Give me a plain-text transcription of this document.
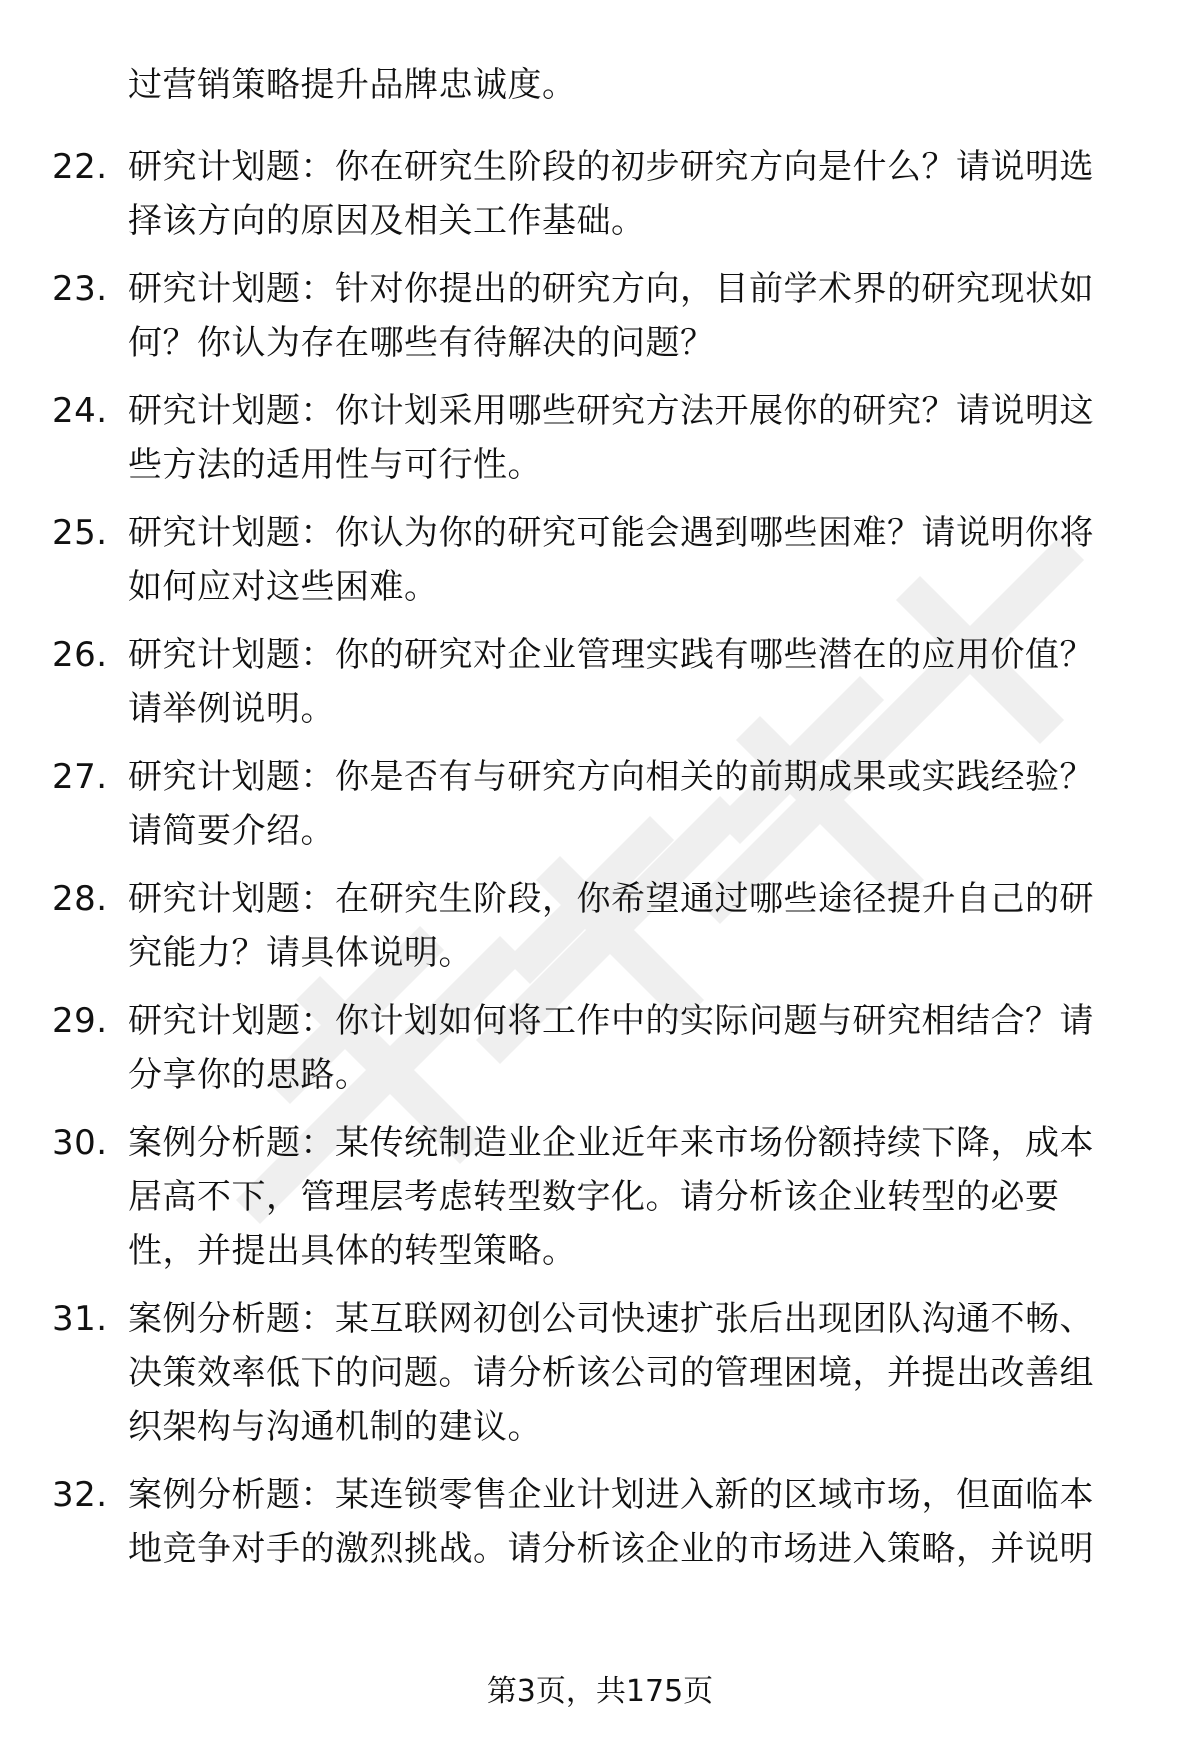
过营销策略提升品牌忠诚度。
22. 研究计划题：你在研究生阶段的初步研究方向是什么？请说明选
择该方向的原因及相关工作基础。
23. 研究计划题：针对你提出的研究方向，目前学术界的研究现状如
何？你认为存在哪些有待解决的问题？
24. 研究计划题：你计划采用哪些研究方法开展你的研究？请说明这
些方法的适用性与可行性。
25. 研究计划题：你认为你的研究可能会遇到哪些困难？请说明你将
如何应对这些困难。
26. 研究计划题：你的研究对企业管理实践有哪些潜在的应用价值？
请举例说明。
27. 研究计划题：你是否有与研究方向相关的前期成果或实践经验？
请简要介绍。
28. 研究计划题：在研究生阶段，你希望通过哪些途径提升自己的研
究能力？请具体说明。
29. 研究计划题：你计划如何将工作中的实际问题与研究相结合？请
分享你的思路。
30. 案例分析题：某传统制造业企业近年来市场份额持续下降，成本
居高不下，管理层考虑转型数字化。请分析该企业转型的必要
性，并提出具体的转型策略。
31. 案例分析题：某互联网初创公司快速扩张后出现团队沟通不畅、
决策效率低下的问题。请分析该公司的管理困境，并提出改善组
织架构与沟通机制的建议。
32. 案例分析题：某连锁零售企业计划进入新的区域市场，但面临本
地竞争对手的激烈挑战。请分析该企业的市场进入策略，并说明
第3页，共175页
